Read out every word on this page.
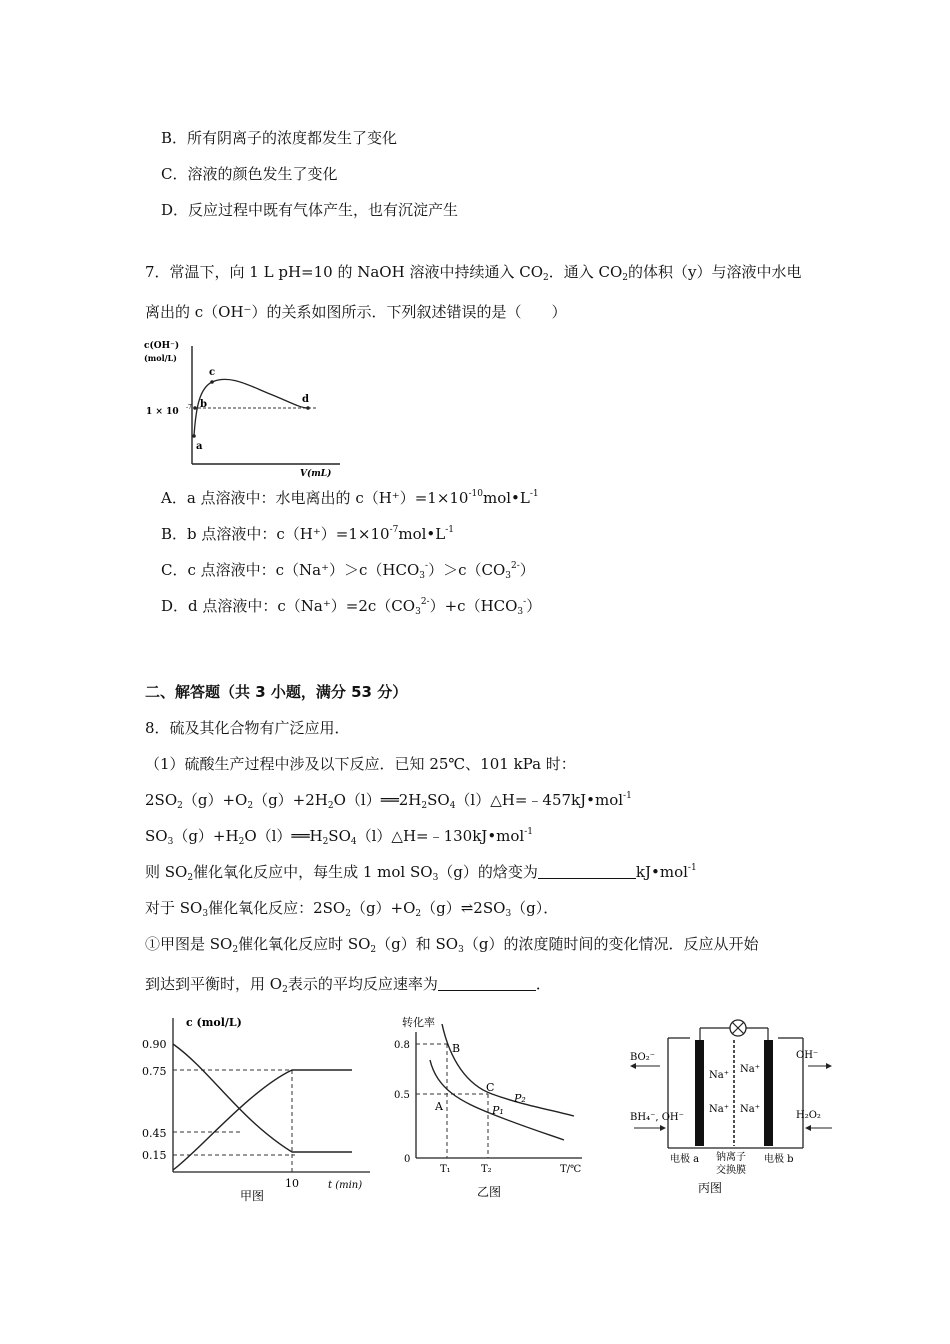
B．所有阴离子的浓度都发生了变化
C．溶液的颜色发生了变化
D．反应过程中既有气体产生，也有沉淀产生
7．常温下，向 1 L pH=10 的 NaOH 溶液中持续通入 $CO_2$．通入 $CO_2$的体积（y）与溶液中水电
离出的 c（OH⁻）的关系如图所示．下列叙述错误的是（　　）
c(OH⁻)
(mol/L)
1 × 10 -7
a
b
c
d
V(mL)
A．a 点溶液中：水电离出的 $c(H^+)=1\times 10^{-10}mol•L^{-1}$
B．b 点溶液中：$c(H^+)=1\times 10^{-7}mol•L^{-1}$
C．c 点溶液中：$c(Na^+)>c(HCO_3^-)>c(CO_3^{2-})$
D．d 点溶液中：$c(Na^+)=2c(CO_3^{2-})+c(HCO_3^-)$
二、解答题（共 3 小题，满分 53 分）
8．硫及其化合物有广泛应用．
（1）硫酸生产过程中涉及以下反应．已知 25℃、101 kPa 时：
$2SO_2(g)+O_2(g)+2H_2O(l)══2H_2SO_4(l)\triangle H=﹣457kJ•mol^{-1}$
$SO_3(g)+H_2O(l)══H_2SO_4(l)\triangle H=﹣130kJ•mol^{-1}$
则 $SO_2$催化氧化反应中，每生成 1 mol $SO_3(g)$的焓变为	kJ•mol$^{-1}$
对于 $SO_3$催化氧化反应：$2SO_2(g)+O_2(g)\rightleftharpoons 2SO_3(g)$．
①甲图是 $SO_2$催化氧化反应时 $SO_2(g)$和 $SO_3(g)$的浓度随时间的变化情况．反应从开始
到达到平衡时，用 $O_2$表示的平均反应速率为	．
c (mol/L)
0.90
0.75
0.45
0.15
10	t (min)
甲图
转化率
0.8
0.5
0
B
A
C
P₂
P₁
T₁	T₂	T/℃
乙图
Na⁺
Na⁺
Na⁺ Na⁺
BO₂⁻
BH₄⁻, OH⁻
OH⁻
H₂O₂
电极 a 钠离子
交换膜
电极 b
丙图
